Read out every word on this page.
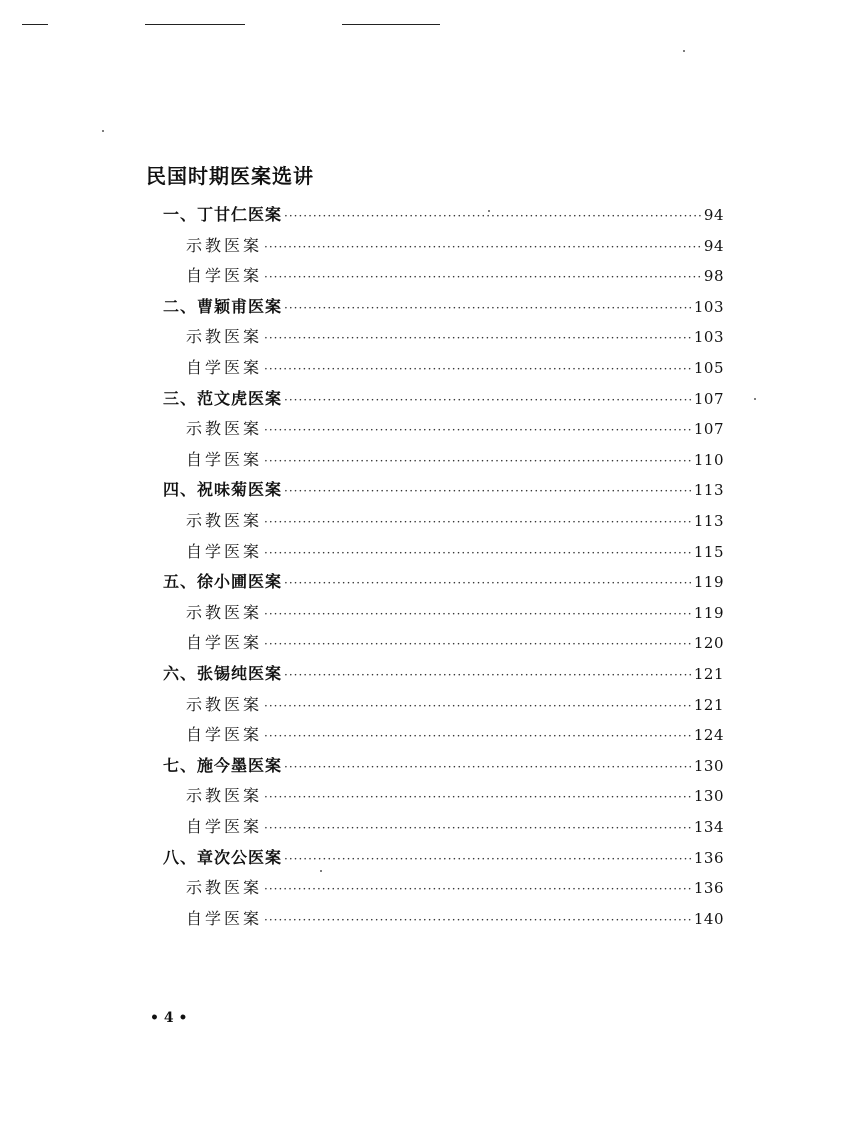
民国时期医案选讲
一、丁甘仁医案 ·····	94
示教医案 ·····	94
自学医案 ·····	98
二、曹颖甫医案 ·····	103
示教医案 ·····	103
自学医案 ·····	105
三、范文虎医案 ·····	107
示教医案 ·····	107
自学医案 ·····	110
四、祝味菊医案 ·····	113
示教医案 ·····	113
自学医案 ·····	115
五、徐小圃医案 ·····	119
示教医案 ·····	119
自学医案 ·····	120
六、张锡纯医案 ·····	121
示教医案 ·····	121
自学医案 ·····	124
七、施今墨医案 ·····	130
示教医案 ·····	130
自学医案 ·····	134
八、章次公医案 ·····	136
示教医案 ·····	136
自学医案 ·····	140
• 4 •
